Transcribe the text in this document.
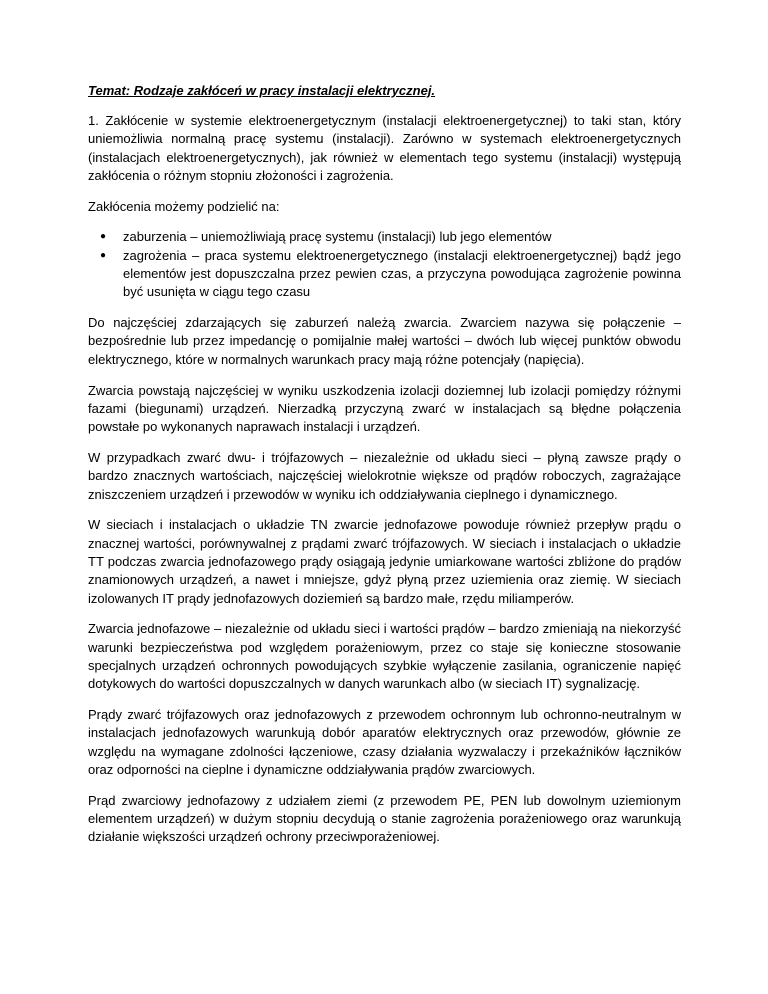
Temat: Rodzaje zakłóceń w pracy instalacji elektrycznej.

1. Zakłócenie w systemie elektroenergetycznym (instalacji elektroenergetycznej) to taki stan, który uniemożliwia normalną pracę systemu (instalacji). Zarówno w systemach elektroenergetycznych (instalacjach elektroenergetycznych), jak również w elementach tego systemu (instalacji) występują zakłócenia o różnym stopniu złożoności i zagrożenia.

Zakłócenia możemy podzielić na:

● zaburzenia – uniemożliwiają pracę systemu (instalacji) lub jego elementów
● zagrożenia – praca systemu elektroenergetycznego (instalacji elektroenergetycznej) bądź jego elementów jest dopuszczalna przez pewien czas, a przyczyna powodująca zagrożenie powinna być usunięta w ciągu tego czasu

Do najczęściej zdarzających się zaburzeń należą zwarcia. Zwarciem nazywa się połączenie – bezpośrednie lub przez impedancję o pomijalnie małej wartości – dwóch lub więcej punktów obwodu elektrycznego, które w normalnych warunkach pracy mają różne potencjały (napięcia).

Zwarcia powstają najczęściej w wyniku uszkodzenia izolacji doziemnej lub izolacji pomiędzy różnymi fazami (biegunami) urządzeń. Nierzadką przyczyną zwarć w instalacjach są błędne połączenia powstałe po wykonanych naprawach instalacji i urządzeń.

W przypadkach zwarć dwu- i trójfazowych – niezależnie od układu sieci – płyną zawsze prądy o bardzo znacznych wartościach, najczęściej wielokrotnie większe od prądów roboczych, zagrażające zniszczeniem urządzeń i przewodów w wyniku ich oddziaływania cieplnego i dynamicznego.

W sieciach i instalacjach o układzie TN zwarcie jednofazowe powoduje również przepływ prądu o znacznej wartości, porównywalnej z prądami zwarć trójfazowych. W sieciach i instalacjach o układzie TT podczas zwarcia jednofazowego prądy osiągają jedynie umiarkowane wartości zbliżone do prądów znamionowych urządzeń, a nawet i mniejsze, gdyż płyną przez uziemienia oraz ziemię. W sieciach izolowanych IT prądy jednofazowych doziemień są bardzo małe, rzędu miliamperów.

Zwarcia jednofazowe – niezależnie od układu sieci i wartości prądów – bardzo zmieniają na niekorzyść warunki bezpieczeństwa pod względem porażeniowym, przez co staje się konieczne stosowanie specjalnych urządzeń ochronnych powodujących szybkie wyłączenie zasilania, ograniczenie napięć dotykowych do wartości dopuszczalnych w danych warunkach albo (w sieciach IT) sygnalizację.

Prądy zwarć trójfazowych oraz jednofazowych z przewodem ochronnym lub ochronno-neutralnym w instalacjach jednofazowych warunkują dobór aparatów elektrycznych oraz przewodów, głównie ze względu na wymagane zdolności łączeniowe, czasy działania wyzwalaczy i przekaźników łączników oraz odporności na cieplne i dynamiczne oddziaływania prądów zwarciowych.

Prąd zwarciowy jednofazowy z udziałem ziemi (z przewodem PE, PEN lub dowolnym uziemionym elementem urządzeń) w dużym stopniu decydują o stanie zagrożenia porażeniowego oraz warunkują działanie większości urządzeń ochrony przeciwporażeniowej.
